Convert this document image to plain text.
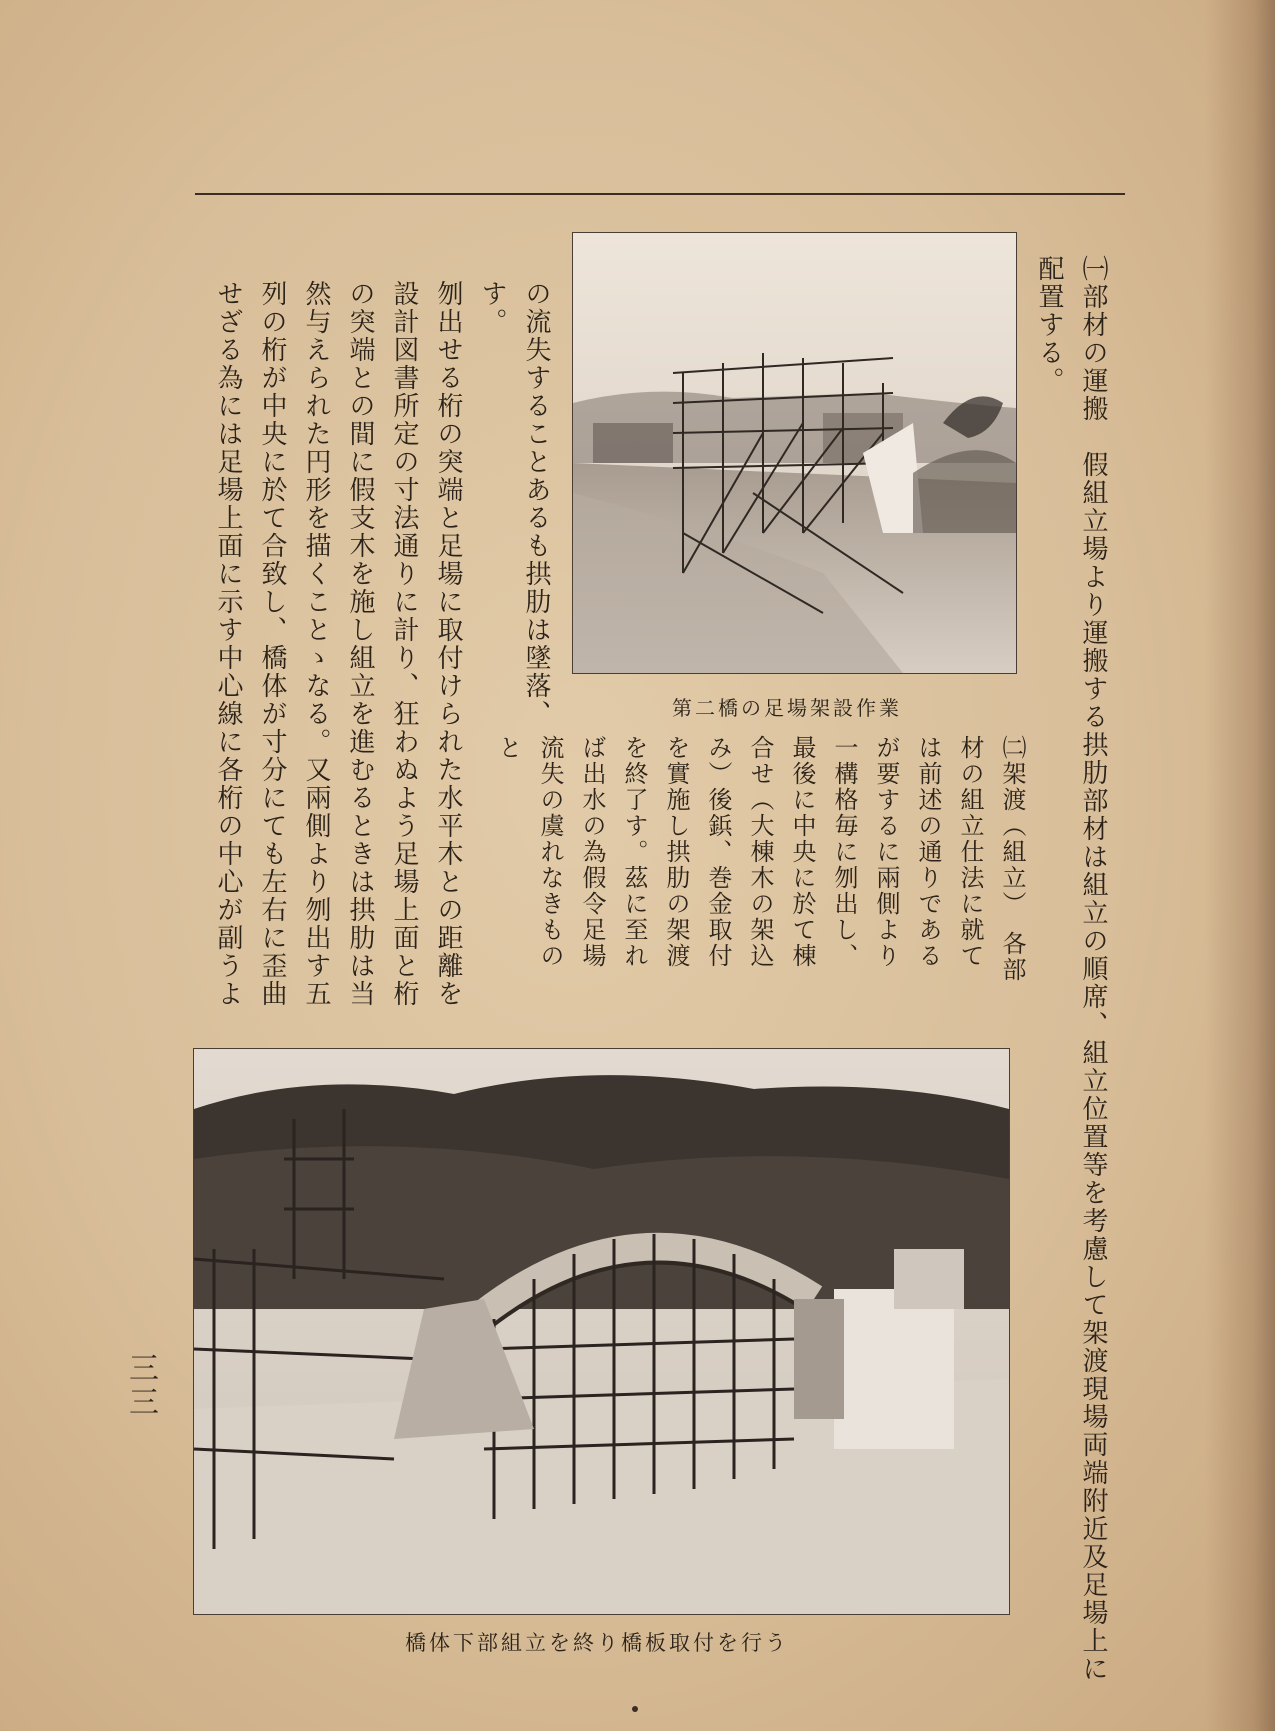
㈠部材の運搬　假組立場より運搬する拱肋部材は組立の順席、組立位置等を考慮して架渡現場両端附近及足場上に
配置する。
第二橋の足場架設作業
㈡架渡（組立）　各部
材の組立仕法に就て
は前述の通りである
が要するに兩側より
一構格毎に刎出し、
最後に中央に於て棟
合せ（大棟木の架込
み）後鋲、巻金取付
を實施し拱肋の架渡
を終了す。茲に至れ
ば出水の為假令足場
流失の虞れなきもの
と
の流失することあるも拱肋は墜落、
す。
刎出せる桁の突端と足場に取付けられた水平木との距離を
設計図書所定の寸法通りに計り、狂わぬよう足場上面と桁
の突端との間に假支木を施し組立を進むるときは拱肋は当
然与えられた円形を描くことゝなる。又兩側より刎出す五
列の桁が中央に於て合致し、橋体が寸分にても左右に歪曲
せざる為には足場上面に示す中心線に各桁の中心が副うよ
橋体下部組立を終り橋板取付を行う
三三
